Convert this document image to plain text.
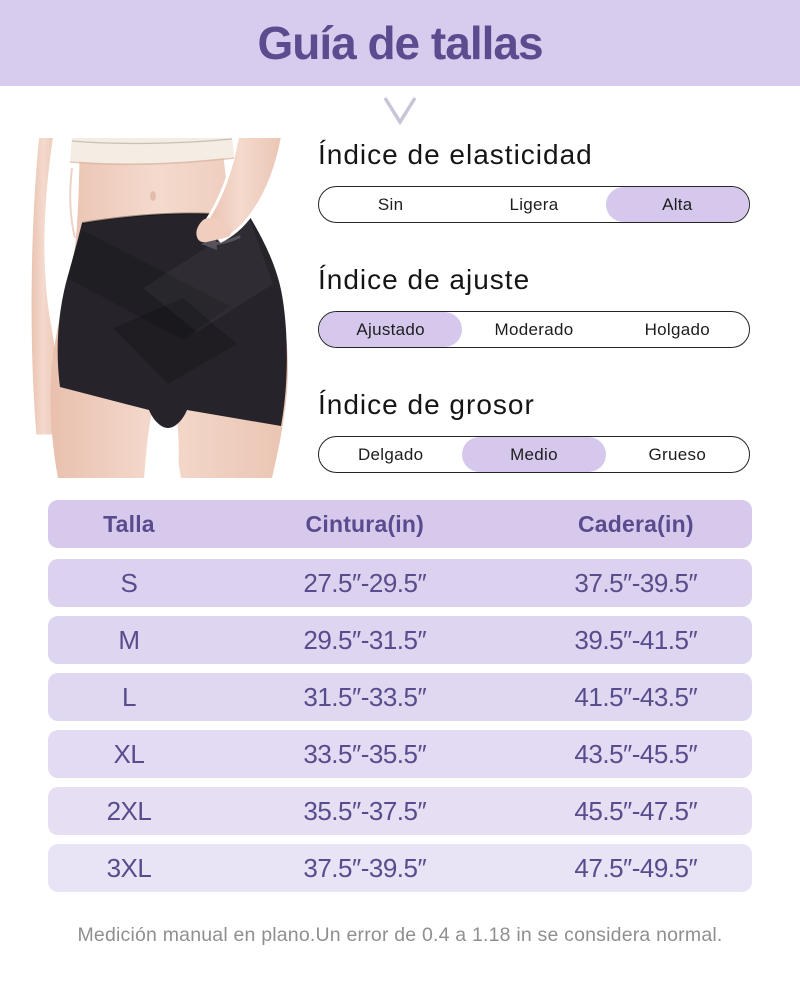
Guía de tallas
Índice de elasticidad
Sin	Ligera	Alta
Índice de ajuste
Ajustado	Moderado	Holgado
Índice de grosor
Delgado	Medio	Grueso
Talla	Cintura(in)	Cadera(in)
S	27.5″-29.5″	37.5″-39.5″
M	29.5″-31.5″	39.5″-41.5″
L	31.5″-33.5″	41.5″-43.5″
XL	33.5″-35.5″	43.5″-45.5″
2XL	35.5″-37.5″	45.5″-47.5″
3XL	37.5″-39.5″	47.5″-49.5″

Medición manual en plano.Un error de 0.4 a 1.18 in se considera normal.
